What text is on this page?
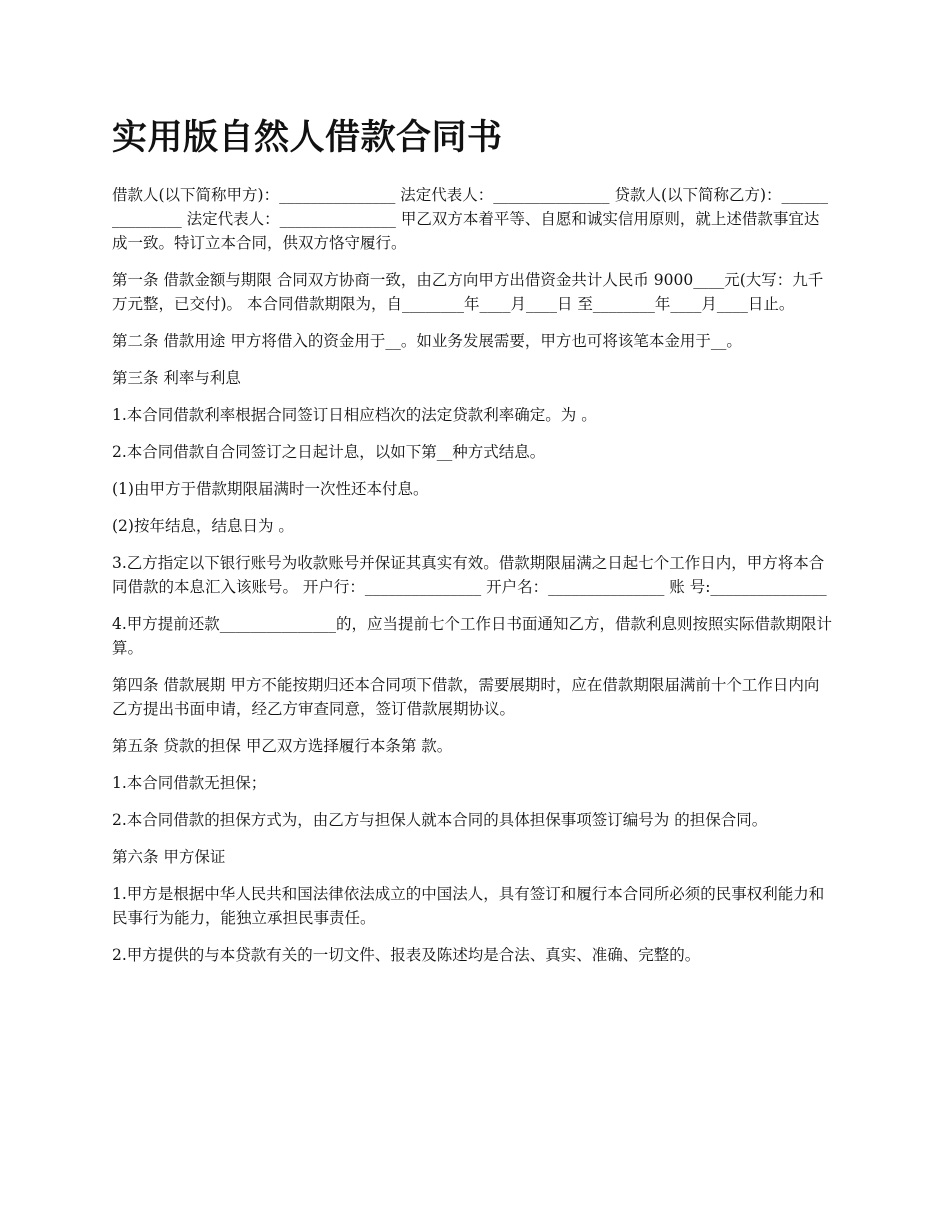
实用版自然人借款合同书

借款人(以下简称甲方)：_______________ 法定代表人：_______________ 贷款人(以下简称乙方)：_______________ 法定代表人：_______________ 甲乙双方本着平等、自愿和诚实信用原则，就上述借款事宜达成一致。特订立本合同，供双方恪守履行。

第一条 借款金额与期限 合同双方协商一致，由乙方向甲方出借资金共计人民币 9000____元(大写：九千万元整，已交付)。 本合同借款期限为，自________年____月____日 至________年____月____日止。

第二条 借款用途 甲方将借入的资金用于__。如业务发展需要，甲方也可将该笔本金用于__。

第三条 利率与利息

1.本合同借款利率根据合同签订日相应档次的法定贷款利率确定。为 。

2.本合同借款自合同签订之日起计息，以如下第__种方式结息。

(1)由甲方于借款期限届满时一次性还本付息。

(2)按年结息，结息日为 。

3.乙方指定以下银行账号为收款账号并保证其真实有效。借款期限届满之日起七个工作日内，甲方将本合同借款的本息汇入该账号。 开户行：_______________ 开户名：_______________ 账 号:_______________

4.甲方提前还款_______________的，应当提前七个工作日书面通知乙方，借款利息则按照实际借款期限计算。

第四条 借款展期 甲方不能按期归还本合同项下借款，需要展期时，应在借款期限届满前十个工作日内向乙方提出书面申请，经乙方审查同意，签订借款展期协议。

第五条 贷款的担保 甲乙双方选择履行本条第 款。

1.本合同借款无担保；

2.本合同借款的担保方式为，由乙方与担保人就本合同的具体担保事项签订编号为 的担保合同。

第六条 甲方保证

1.甲方是根据中华人民共和国法律依法成立的中国法人，具有签订和履行本合同所必须的民事权利能力和民事行为能力，能独立承担民事责任。

2.甲方提供的与本贷款有关的一切文件、报表及陈述均是合法、真实、准确、完整的。
